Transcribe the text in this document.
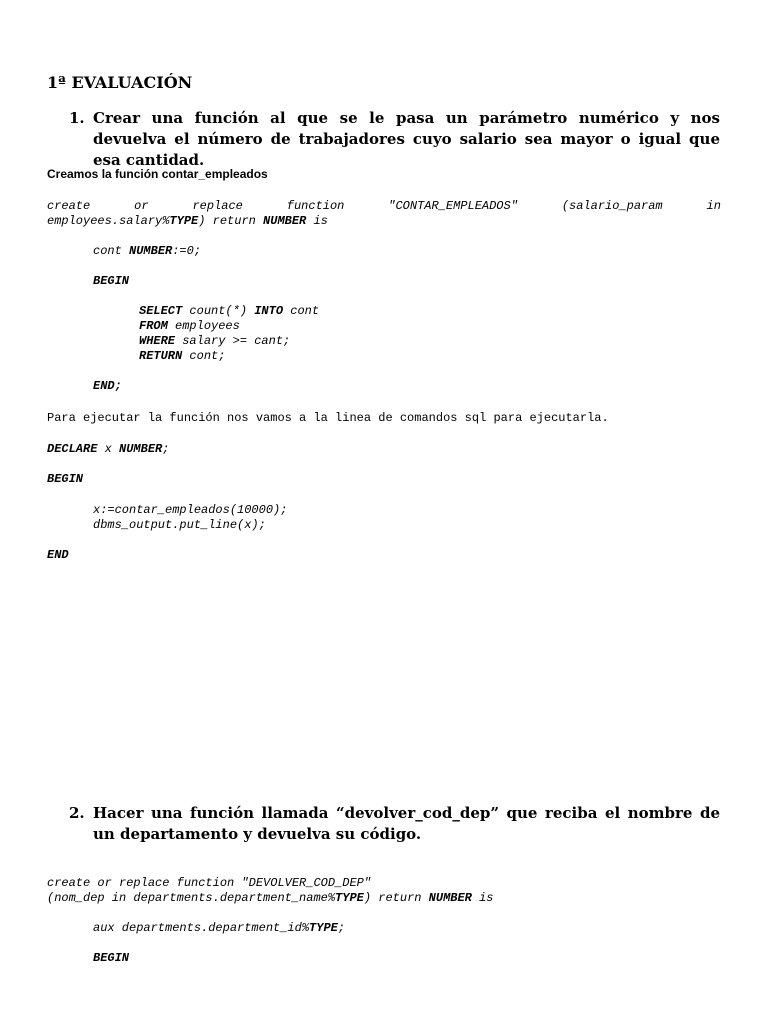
1ª EVALUACIÓN
1. Crear una función al que se le pasa un parámetro numérico y nos devuelva el número de trabajadores cuyo salario sea mayor o igual que esa cantidad.
Creamos la función contar_empleados
create	or	replace	function	"CONTAR_EMPLEADOS"	(salario_param	in
employees.salary%TYPE) return NUMBER is
cont NUMBER:=0;
BEGIN
SELECT count(*) INTO cont
FROM employees
WHERE salary >= cant;
RETURN cont;
END;
Para ejecutar la función nos vamos a la linea de comandos sql para ejecutarla.
DECLARE x NUMBER;
BEGIN
x:=contar_empleados(10000);
dbms_output.put_line(x);
END
2. Hacer una función llamada “devolver_cod_dep” que reciba el nombre de un departamento y devuelva su código.
create or replace function "DEVOLVER_COD_DEP"
(nom_dep in departments.department_name%TYPE) return NUMBER is
aux departments.department_id%TYPE;
BEGIN
